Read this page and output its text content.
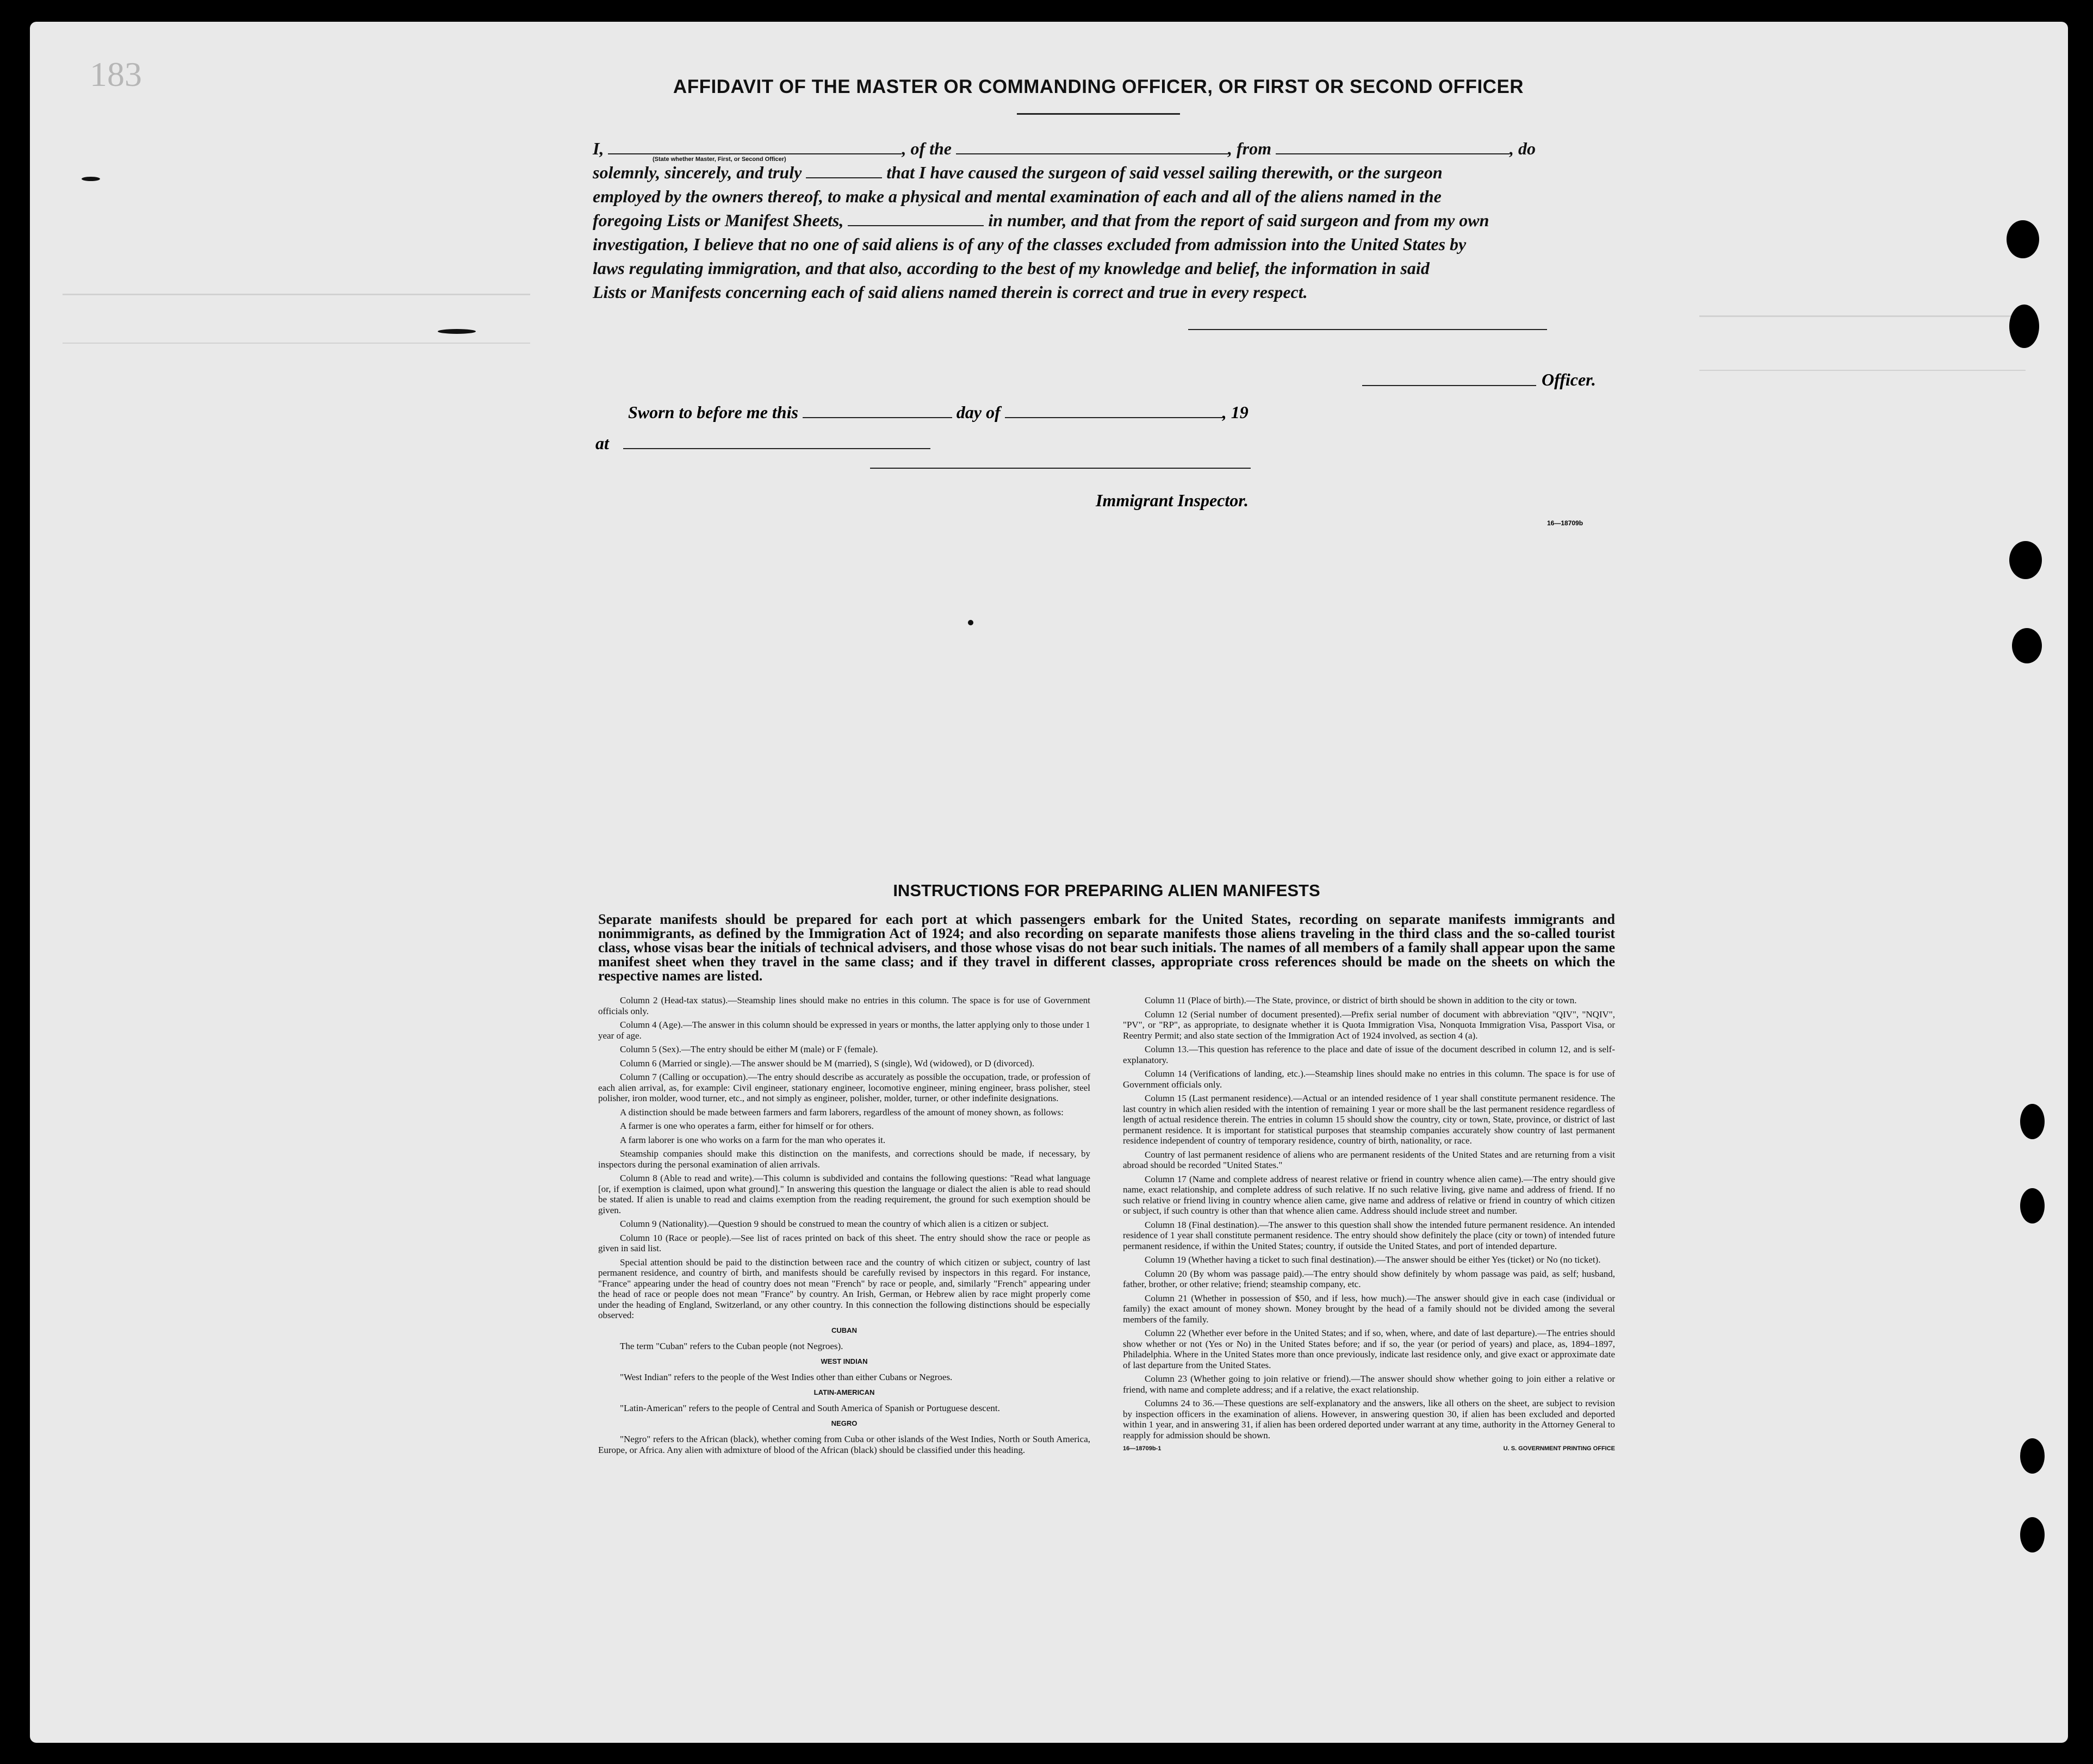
183	AFFIDAVIT OF THE MASTER OR COMMANDING OFFICER, OR FIRST OR SECOND OFFICER
I,	, of the	, from	, do
(State whether Master, First, or Second Officer)
solemnly, sincerely, and truly	that I have caused the surgeon of said vessel sailing therewith, or the surgeon
employed by the owners thereof, to make a physical and mental examination of each and all of the aliens named in the
foregoing Lists or Manifest Sheets,	in number, and that from the report of said surgeon and from my own
investigation, I believe that no one of said aliens is of any of the classes excluded from admission into the United States by
laws regulating immigration, and that also, according to the best of my knowledge and belief, the information in said
Lists or Manifests concerning each of said aliens named therein is correct and true in every respect.
Officer.
Sworn to before me this	day of	, 19
at
Immigrant Inspector.
16—18709b
INSTRUCTIONS FOR PREPARING ALIEN MANIFESTS
Separate manifests should be prepared for each port at which passengers embark for the United States, recording on separate manifests immigrants and nonimmigrants, as defined by the Immigration Act of 1924; and also recording on separate manifests those aliens traveling in the third class and the so-called tourist class, whose visas bear the initials of technical advisers, and those whose visas do not bear such initials. The names of all members of a family shall appear upon the same manifest sheet when they travel in the same class; and if they travel in different classes, appropriate cross references should be made on the sheets on which the respective names are listed.

Column 2 (Head-tax status).—Steamship lines should make no entries in this column. The space is for use of Government officials only.

Column 4 (Age).—The answer in this column should be expressed in years or months, the latter applying only to those under 1 year of age.

Column 5 (Sex).—The entry should be either M (male) or F (female).

Column 6 (Married or single).—The answer should be M (married), S (single), Wd (widowed), or D (divorced).

Column 7 (Calling or occupation).—The entry should describe as accurately as possible the occupation, trade, or profession of each alien arrival, as, for example: Civil engineer, stationary engineer, locomotive engineer, mining engineer, brass polisher, steel polisher, iron molder, wood turner, etc., and not simply as engineer, polisher, molder, turner, or other indefinite designations.

A distinction should be made between farmers and farm laborers, regardless of the amount of money shown, as follows:

A farmer is one who operates a farm, either for himself or for others.

A farm laborer is one who works on a farm for the man who operates it.

Steamship companies should make this distinction on the manifests, and corrections should be made, if necessary, by inspectors during the personal examination of alien arrivals.

Column 8 (Able to read and write).—This column is subdivided and contains the following questions: "Read what language [or, if exemption is claimed, upon what ground]." In answering this question the language or dialect the alien is able to read should be stated. If alien is unable to read and claims exemption from the reading requirement, the ground for such exemption should be given.

Column 9 (Nationality).—Question 9 should be construed to mean the country of which alien is a citizen or subject.

Column 10 (Race or people).—See list of races printed on back of this sheet. The entry should show the race or people as given in said list.

Special attention should be paid to the distinction between race and the country of which citizen or subject, country of last permanent residence, and country of birth, and manifests should be carefully revised by inspectors in this regard. For instance, "France" appearing under the head of country does not mean "French" by race or people, and, similarly "French" appearing under the head of race or people does not mean "France" by country. An Irish, German, or Hebrew alien by race might properly come under the heading of England, Switzerland, or any other country. In this connection the following distinctions should be especially observed:

CUBAN

The term "Cuban" refers to the Cuban people (not Negroes).

WEST INDIAN

"West Indian" refers to the people of the West Indies other than either Cubans or Negroes.

LATIN-AMERICAN

"Latin-American" refers to the people of Central and South America of Spanish or Portuguese descent.

NEGRO

"Negro" refers to the African (black), whether coming from Cuba or other islands of the West Indies, North or South America, Europe, or Africa. Any alien with admixture of blood of the African (black) should be classified under this heading.

Column 11 (Place of birth).—The State, province, or district of birth should be shown in addition to the city or town.

Column 12 (Serial number of document presented).—Prefix serial number of document with abbreviation "QIV", "NQIV", "PV", or "RP", as appropriate, to designate whether it is Quota Immigration Visa, Nonquota Immigration Visa, Passport Visa, or Reentry Permit; and also state section of the Immigration Act of 1924 involved, as section 4 (a).

Column 13.—This question has reference to the place and date of issue of the document described in column 12, and is self-explanatory.

Column 14 (Verifications of landing, etc.).—Steamship lines should make no entries in this column. The space is for use of Government officials only.

Column 15 (Last permanent residence).—Actual or an intended residence of 1 year shall constitute permanent residence. The last country in which alien resided with the intention of remaining 1 year or more shall be the last permanent residence regardless of length of actual residence therein. The entries in column 15 should show the country, city or town, State, province, or district of last permanent residence. It is important for statistical purposes that steamship companies accurately show country of last permanent residence independent of country of temporary residence, country of birth, nationality, or race.

Country of last permanent residence of aliens who are permanent residents of the United States and are returning from a visit abroad should be recorded "United States."

Column 17 (Name and complete address of nearest relative or friend in country whence alien came).—The entry should give name, exact relationship, and complete address of such relative. If no such relative living, give name and address of friend. If no such relative or friend living in country whence alien came, give name and address of relative or friend in country of which citizen or subject, if such country is other than that whence alien came. Address should include street and number.

Column 18 (Final destination).—The answer to this question shall show the intended future permanent residence. An intended residence of 1 year shall constitute permanent residence. The entry should show definitely the place (city or town) of intended future permanent residence, if within the United States; country, if outside the United States, and port of intended departure.

Column 19 (Whether having a ticket to such final destination).—The answer should be either Yes (ticket) or No (no ticket).

Column 20 (By whom was passage paid).—The entry should show definitely by whom passage was paid, as self; husband, father, brother, or other relative; friend; steamship company, etc.

Column 21 (Whether in possession of $50, and if less, how much).—The answer should give in each case (individual or family) the exact amount of money shown. Money brought by the head of a family should not be divided among the several members of the family.

Column 22 (Whether ever before in the United States; and if so, when, where, and date of last departure).—The entries should show whether or not (Yes or No) in the United States before; and if so, the year (or period of years) and place, as, 1894–1897, Philadelphia. Where in the United States more than once previously, indicate last residence only, and give exact or approximate date of last departure from the United States.

Column 23 (Whether going to join relative or friend).—The answer should show whether going to join either a relative or friend, with name and complete address; and if a relative, the exact relationship.

Columns 24 to 36.—These questions are self-explanatory and the answers, like all others on the sheet, are subject to revision by inspection officers in the examination of aliens. However, in answering question 30, if alien has been excluded and deported within 1 year, and in answering 31, if alien has been ordered deported under warrant at any time, authority in the Attorney General to reapply for admission should be shown.

16—18709b-1	U. S. GOVERNMENT PRINTING OFFICE
